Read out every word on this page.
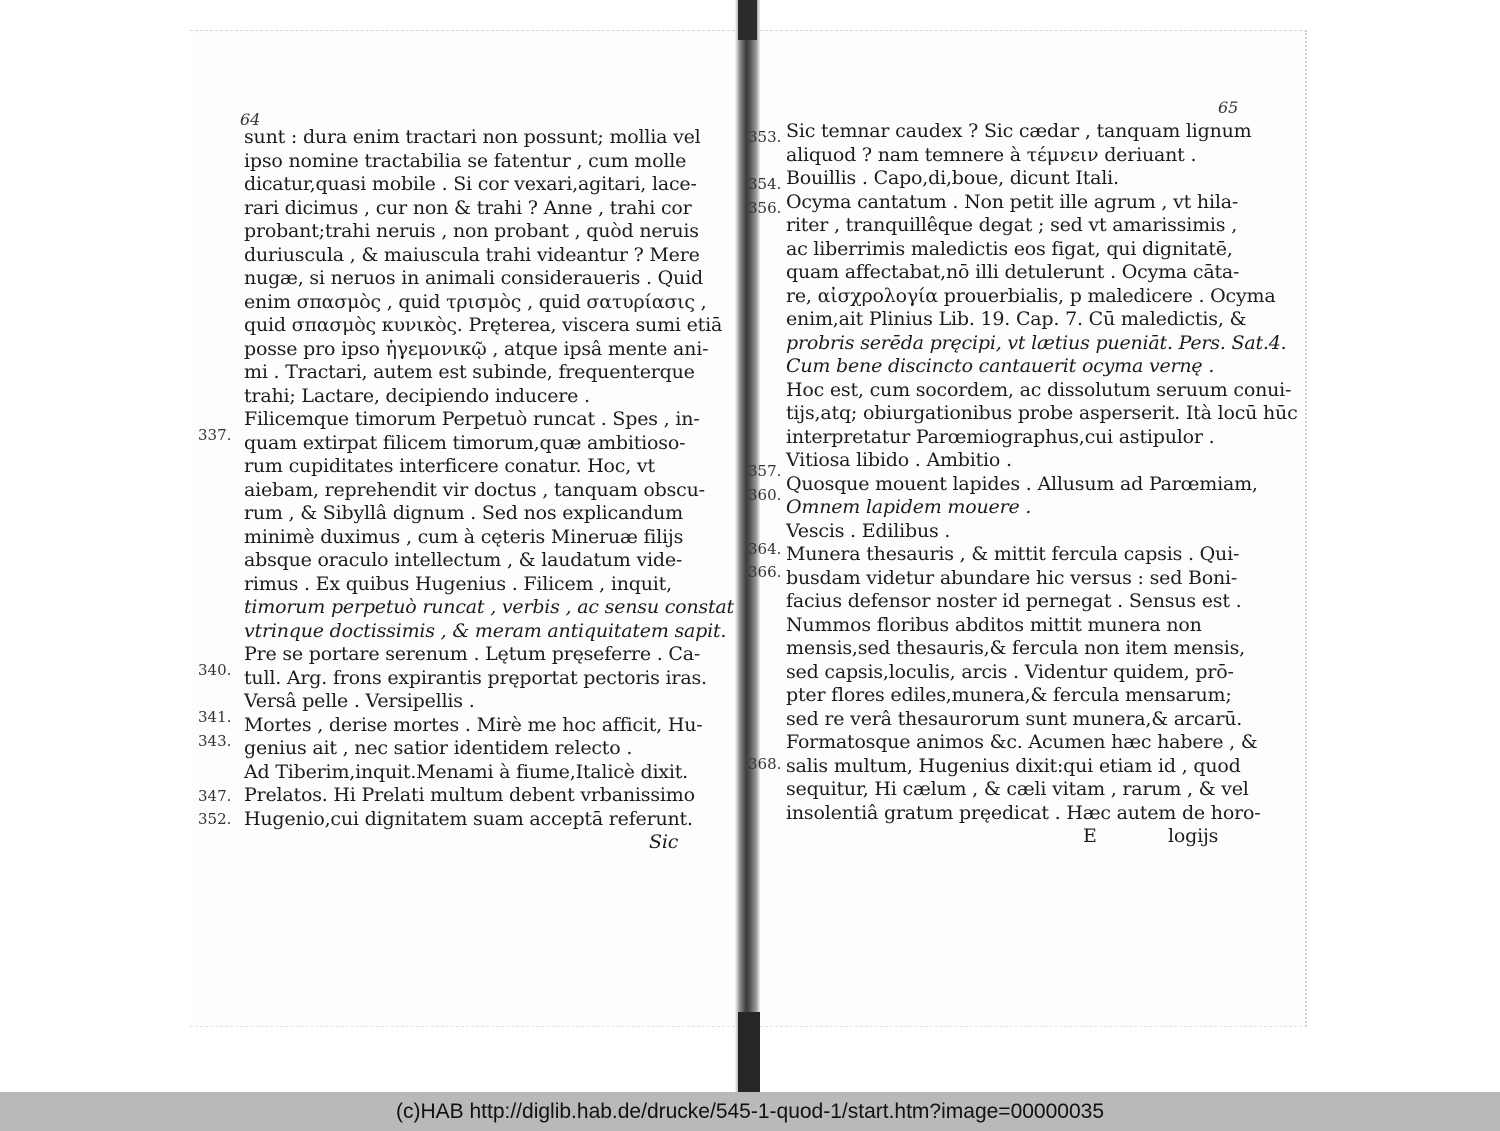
64
sunt : dura enim tractari non possunt; mollia vel
ipso nomine tractabilia se fatentur , cum molle
dicatur,quasi mobile . Si cor vexari,agitari, lace-
rari dicimus , cur non & trahi ? Anne , trahi cor
probant;trahi neruis , non probant , quòd neruis
duriuscula , & maiuscula trahi videantur ? Mere
nugæ, si neruos in animali consideraueris . Quid
enim σπασμὸς , quid τρισμὸς , quid σατυρίασις ,
quid σπασμὸς κυνικὸς. Pręterea, viscera sumi etiā
posse pro ipso ἡγεμονικῷ , atque ipsâ mente ani-
mi . Tractari, autem est subinde, frequenterque
trahi; Lactare, decipiendo inducere .
Filicemque timorum Perpetuò runcat . Spes , in-
quam extirpat filicem timorum,quæ ambitioso-
rum cupiditates interficere conatur. Hoc, vt
aiebam, reprehendit vir doctus , tanquam obscu-
rum , & Sibyllâ dignum . Sed nos explicandum
minimè duximus , cum à cęteris Mineruæ filijs
absque oraculo intellectum , & laudatum vide-
rimus . Ex quibus Hugenius . Filicem , inquit,
timorum perpetuò runcat , verbis , ac sensu constat
vtrinque doctissimis , & meram antiquitatem sapit.
Pre se portare serenum . Lętum pręseferre . Ca-
tull. Arg. frons expirantis pręportat pectoris iras.
Versâ pelle . Versipellis .
Mortes , derise mortes . Mirè me hoc afficit, Hu-
genius ait , nec satior identidem relecto .
Ad Tiberim,inquit.Menami à fiume,Italicè dixit.
Prelatos. Hi Prelati multum debent vrbanissimo
Hugenio,cui dignitatem suam acceptā referunt.
Sic
337.
340.
341.
343.
347.
352.
65
Sic temnar caudex ? Sic cædar , tanquam lignum
aliquod ? nam temnere à τέμνειν deriuant .
Bouillis . Capo,di,boue, dicunt Itali.
Ocyma cantatum . Non petit ille agrum , vt hila-
riter , tranquillêque degat ; sed vt amarissimis ,
ac liberrimis maledictis eos figat, qui dignitatē,
quam affectabat,nō illi detulerunt . Ocyma cāta-
re, αἰσχρολογία prouerbialis, p maledicere . Ocyma
enim,ait Plinius Lib. 19. Cap. 7. Cū maledictis, &
probris serēda pręcipi, vt lætius pueniāt. Pers. Sat.4.
Cum bene discincto cantauerit ocyma vernę .
Hoc est, cum socordem, ac dissolutum seruum conui-
tijs,atq; obiurgationibus probe asperserit. Ità locū hūc
interpretatur Parœmiographus,cui astipulor .
Vitiosa libido . Ambitio .
Quosque mouent lapides . Allusum ad Parœmiam,
Omnem lapidem mouere .
Vescis . Edilibus .
Munera thesauris , & mittit fercula capsis . Qui-
busdam videtur abundare hic versus : sed Boni-
facius defensor noster id pernegat . Sensus est .
Nummos floribus abditos mittit munera non
mensis,sed thesauris,& fercula non item mensis,
sed capsis,loculis, arcis . Videntur quidem, prō-
pter flores ediles,munera,& fercula mensarum;
sed re verâ thesaurorum sunt munera,& arcarū.
Formatosque animos &c. Acumen hæc habere , &
salis multum, Hugenius dixit:qui etiam id , quod
sequitur, Hi cælum , & cæli vitam , rarum , & vel
insolentiâ gratum pręedicat . Hæc autem de horo-
E	logijs
353.
354.
356.
357.
360.
364.
366.
368.
(c)HAB http://diglib.hab.de/drucke/545-1-quod-1/start.htm?image=00000035
